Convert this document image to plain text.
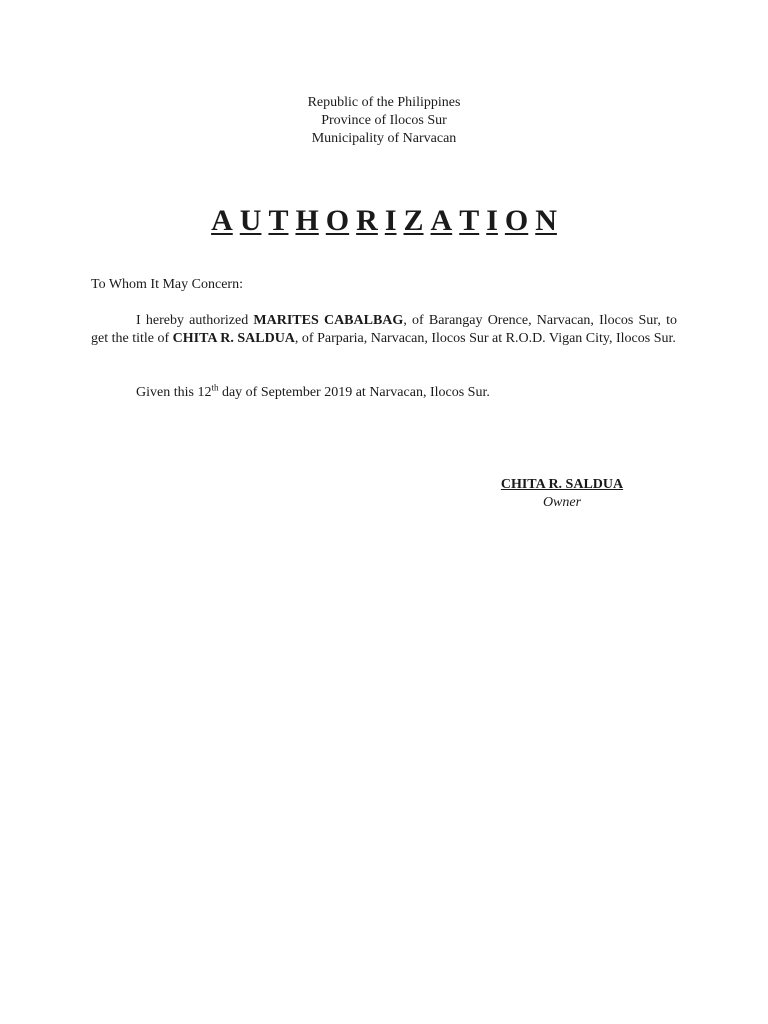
Republic of the Philippines
Province of Ilocos Sur
Municipality of Narvacan
A U T H O R I Z A T I O N
To Whom It May Concern:

I hereby authorized MARITES CABALBAG, of Barangay Orence, Narvacan, Ilocos Sur, to get the title of CHITA R. SALDUA, of Parparia, Narvacan, Ilocos Sur at R.O.D. Vigan City, Ilocos Sur.

Given this 12th day of September 2019 at Narvacan, Ilocos Sur.

CHITA R. SALDUA
Owner
